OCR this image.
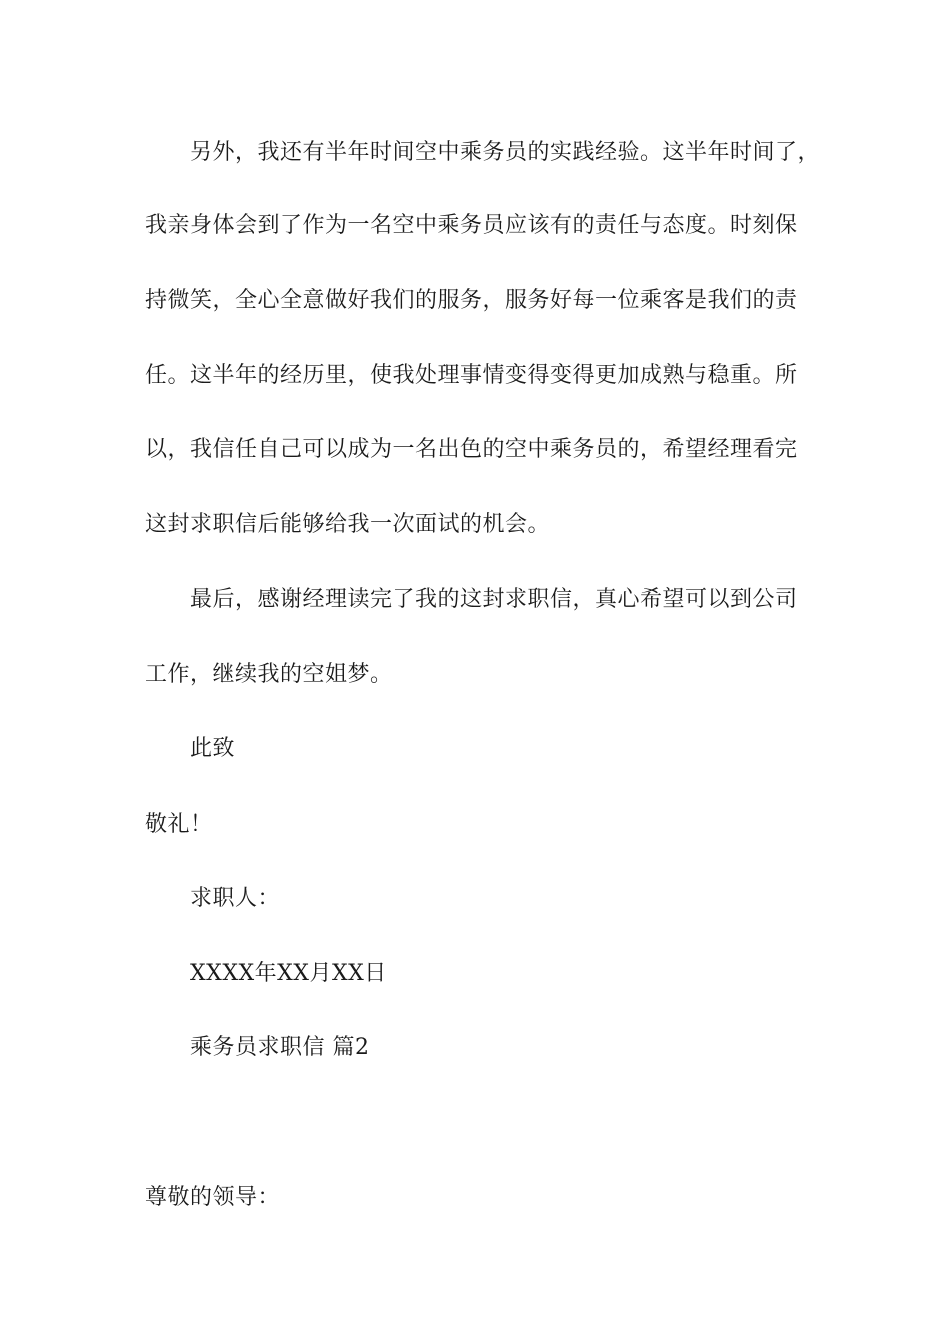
另外，我还有半年时间空中乘务员的实践经验。这半年时间了，
我亲身体会到了作为一名空中乘务员应该有的责任与态度。时刻保
持微笑，全心全意做好我们的服务，服务好每一位乘客是我们的责
任。这半年的经历里，使我处理事情变得变得更加成熟与稳重。所
以，我信任自己可以成为一名出色的空中乘务员的，希望经理看完
这封求职信后能够给我一次面试的机会。
最后，感谢经理读完了我的这封求职信，真心希望可以到公司
工作，继续我的空姐梦。
此致
敬礼！
求职人：
XXXX年XX月XX日
乘务员求职信 篇2
尊敬的领导：
